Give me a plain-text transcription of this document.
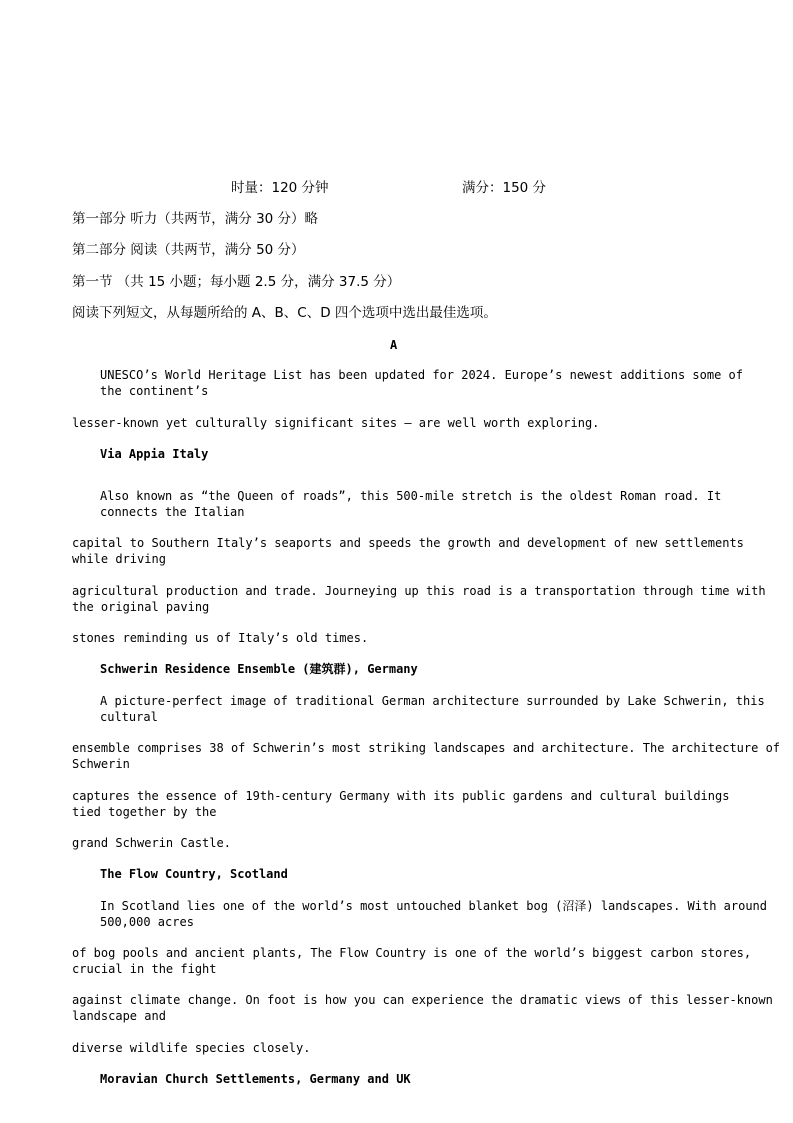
时量：120 分钟	满分：150 分
第一部分 听力（共两节，满分 30 分）略
第二部分 阅读（共两节，满分 50 分）
第一节 （共 15 小题；每小题 2.5 分，满分 37.5 分）
阅读下列短文，从每题所给的 A、B、C、D 四个选项中选出最佳选项。
A
UNESCO’s World Heritage List has been updated for 2024. Europe’s newest additions some of the continent’s
lesser-known yet culturally significant sites — are well worth exploring.
Via Appia Italy
Also known as “the Queen of roads”, this 500-mile stretch is the oldest Roman road. It connects the Italian
capital to Southern Italy’s seaports and speeds the growth and development of new settlements while driving
agricultural production and trade. Journeying up this road is a transportation through time with the original paving
stones reminding us of Italy’s old times.
Schwerin Residence Ensemble (建筑群), Germany
A picture-perfect image of traditional German architecture surrounded by Lake Schwerin, this cultural
ensemble comprises 38 of Schwerin’s most striking landscapes and architecture. The architecture of Schwerin
captures the essence of 19th-century Germany with its public gardens and cultural buildings tied together by the
grand Schwerin Castle.
The Flow Country, Scotland
In Scotland lies one of the world’s most untouched blanket bog (沼泽) landscapes. With around 500,000 acres
of bog pools and ancient plants, The Flow Country is one of the world’s biggest carbon stores, crucial in the fight
against climate change. On foot is how you can experience the dramatic views of this lesser-known landscape and
diverse wildlife species closely.
Moravian Church Settlements, Germany and UK
